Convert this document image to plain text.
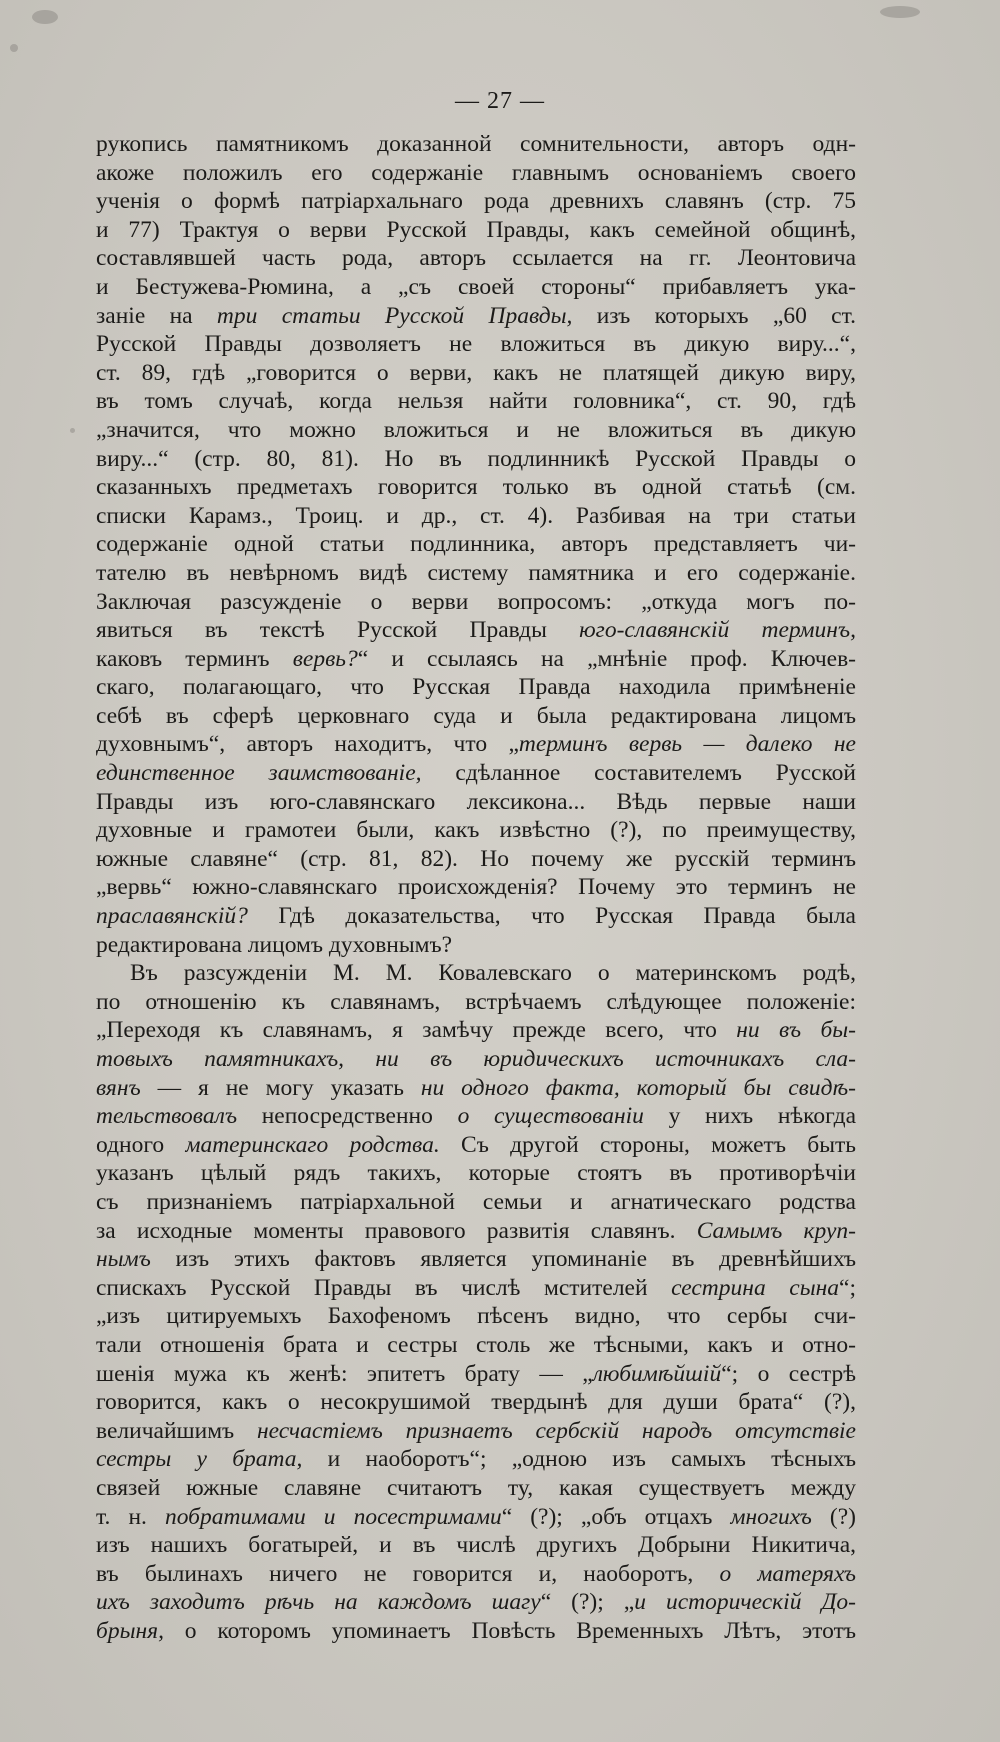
— 27 —
рукопись памятникомъ доказанной сомнительности, авторъ одн-
акоже положилъ его содержанiе главнымъ основанiемъ своего
ученiя о формѣ патрiархальнаго рода древнихъ славянъ (стр. 75
и 77) Трактуя о верви Русской Правды, какъ семейной общинѣ,
составлявшей часть рода, авторъ ссылается на гг. Леонтовича
и Бестужева-Рюмина, а „съ своей стороны“ прибавляетъ ука-
занiе на три статьи Русской Правды, изъ которыхъ „60 ст.
Русской Правды дозволяетъ не вложиться въ дикую виру...“,
ст. 89, гдѣ „говорится о верви, какъ не платящей дикую виру,
въ томъ случаѣ, когда нельзя найти головника“, ст. 90, гдѣ
„значится, что можно вложиться и не вложиться въ дикую
виру...“ (стр. 80, 81). Но въ подлинникѣ Русской Правды о
сказанныхъ предметахъ говорится только въ одной статьѣ (см.
списки Карамз., Троиц. и др., ст. 4). Разбивая на три статьи
содержанiе одной статьи подлинника, авторъ представляетъ чи-
тателю въ невѣрномъ видѣ систему памятника и его содержанiе.
Заключая разсужденiе о верви вопросомъ: „откуда могъ по-
явиться въ текстѣ Русской Правды юго-славянскiй терминъ,
каковъ терминъ вервь?“ и ссылаясь на „мнѣнiе проф. Ключев-
скаго, полагающаго, что Русская Правда находила примѣненiе
себѣ въ сферѣ церковнаго суда и была редактирована лицомъ
духовнымъ“, авторъ находитъ, что „терминъ вервь — далеко не
единственное заимствованiе, сдѣланное составителемъ Русской
Правды изъ юго-славянскаго лексикона... Вѣдь первые наши
духовные и грамотеи были, какъ извѣстно (?), по преимуществу,
южные славяне“ (стр. 81, 82). Но почему же русскiй терминъ
„вервь“ южно-славянскаго происхожденiя? Почему это терминъ не
праславянскiй? Гдѣ доказательства, что Русская Правда была
редактирована лицомъ духовнымъ?
Въ разсужденiи М. М. Ковалевскаго о материнскомъ родѣ,
по отношенiю къ славянамъ, встрѣчаемъ слѣдующее положенiе:
„Переходя къ славянамъ, я замѣчу прежде всего, что ни въ бы-
товыхъ памятникахъ, ни въ юридическихъ источникахъ сла-
вянъ — я не могу указать ни одного факта, который бы свидѣ-
тельствовалъ непосредственно о существованiи у нихъ нѣкогда
одного материнскаго родства. Съ другой стороны, можетъ быть
указанъ цѣлый рядъ такихъ, которые стоятъ въ противорѣчiи
съ признанiемъ патрiархальной семьи и агнатическаго родства
за исходные моменты правового развитiя славянъ. Самымъ круп-
нымъ изъ этихъ фактовъ является упоминанiе въ древнѣйшихъ
спискахъ Русской Правды въ числѣ мстителей сестрина сына“;
„изъ цитируемыхъ Бахофеномъ пѣсенъ видно, что сербы счи-
тали отношенiя брата и сестры столь же тѣсными, какъ и отно-
шенiя мужа къ женѣ: эпитетъ брату — „любимѣйшiй“; о сестрѣ
говорится, какъ о несокрушимой твердынѣ для души брата“ (?),
величайшимъ несчастiемъ признаетъ сербскiй народъ отсутствiе
сестры у брата, и наоборотъ“; „одною изъ самыхъ тѣсныхъ
связей южные славяне считаютъ ту, какая существуетъ между
т. н. побратимами и посестримами“ (?); „объ отцахъ многихъ (?)
изъ нашихъ богатырей, и въ числѣ другихъ Добрыни Никитича,
въ былинахъ ничего не говорится и, наоборотъ, о матеряхъ
ихъ заходитъ рѣчь на каждомъ шагу“ (?); „и историческiй До-
брыня, о которомъ упоминаетъ Повѣсть Временныхъ Лѣтъ, этотъ
